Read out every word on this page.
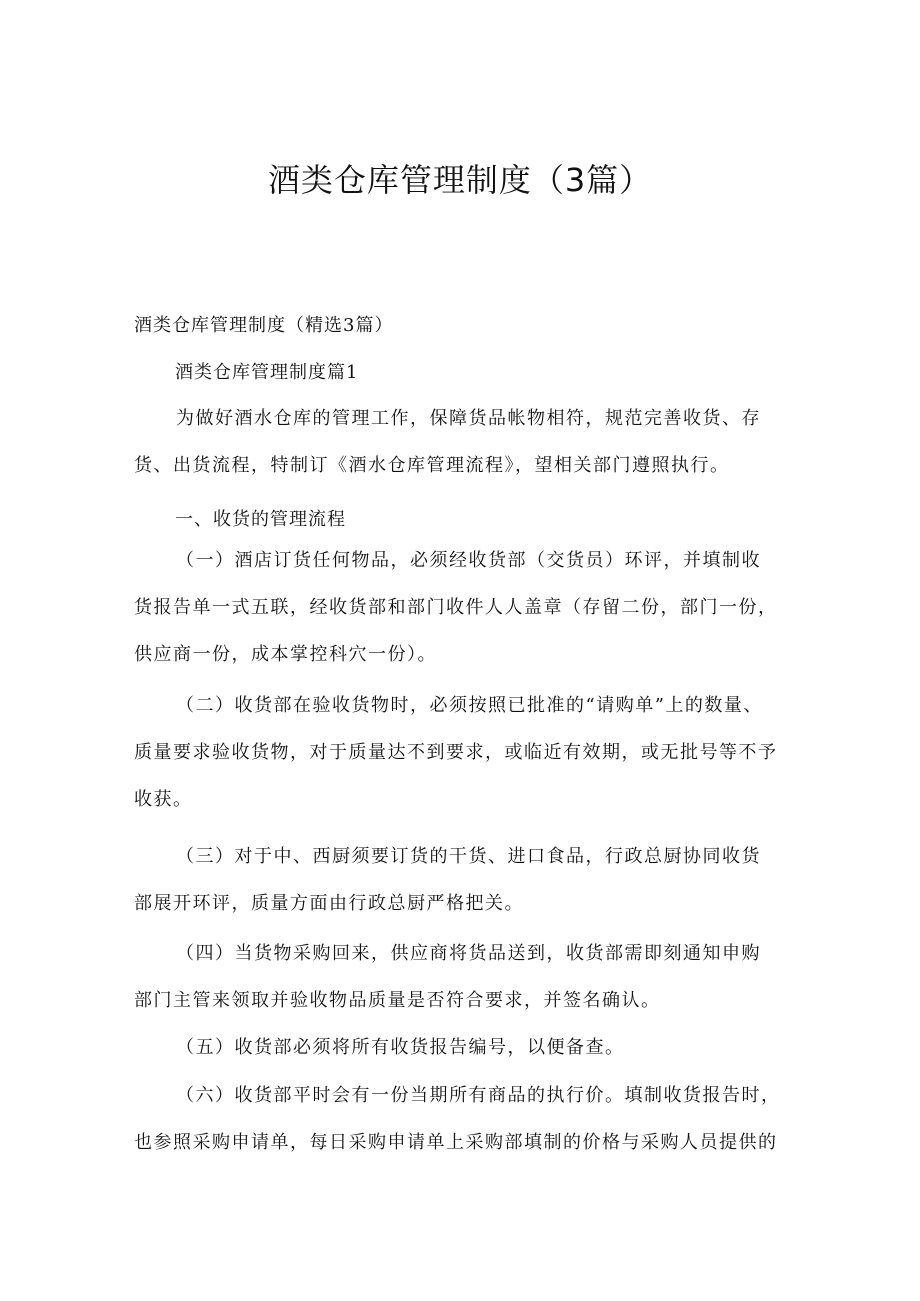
酒类仓库管理制度（3篇）
酒类仓库管理制度（精选3篇）
酒类仓库管理制度篇1
为做好酒水仓库的管理工作，保障货品帐物相符，规范完善收货、存
货、出货流程，特制订《酒水仓库管理流程》，望相关部门遵照执行。
一、收货的管理流程
（一）酒店订货任何物品，必须经收货部（交货员）环评，并填制收
货报告单一式五联，经收货部和部门收件人人盖章（存留二份，部门一份，
供应商一份，成本掌控科穴一份）。
（二）收货部在验收货物时，必须按照已批准的“请购单”上的数量、
质量要求验收货物，对于质量达不到要求，或临近有效期，或无批号等不予
收获。
（三）对于中、西厨须要订货的干货、进口食品，行政总厨协同收货
部展开环评，质量方面由行政总厨严格把关。
（四）当货物采购回来，供应商将货品送到，收货部需即刻通知申购
部门主管来领取并验收物品质量是否符合要求，并签名确认。
（五）收货部必须将所有收货报告编号，以便备查。
（六）收货部平时会有一份当期所有商品的执行价。填制收货报告时，
也参照采购申请单，每日采购申请单上采购部填制的价格与采购人员提供的
